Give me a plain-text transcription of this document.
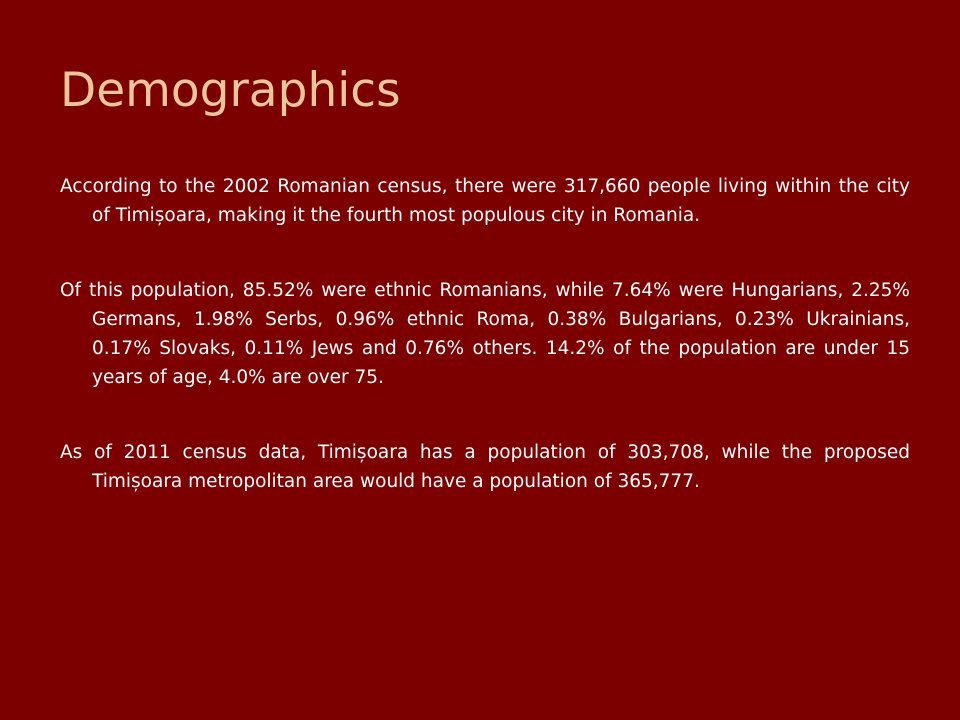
Demographics

According to the 2002 Romanian census, there were 317,660 people living within the city of Timișoara, making it the fourth most populous city in Romania.

Of this population, 85.52% were ethnic Romanians, while 7.64% were Hungarians, 2.25% Germans, 1.98% Serbs, 0.96% ethnic Roma, 0.38% Bulgarians, 0.23% Ukrainians, 0.17% Slovaks, 0.11% Jews and 0.76% others. 14.2% of the population are under 15 years of age, 4.0% are over 75.

As of 2011 census data, Timișoara has a population of 303,708, while the proposed Timișoara metropolitan area would have a population of 365,777.
